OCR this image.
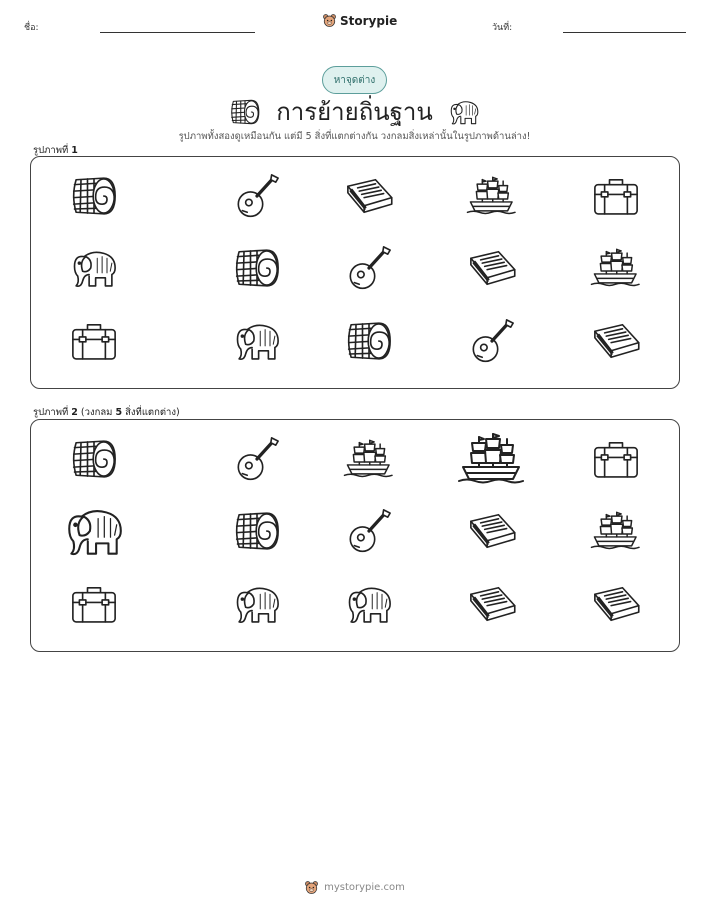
ชื่อ:
Storypie
วันที่:
หาจุดต่าง
การย้ายถิ่นฐาน
รูปภาพทั้งสองดูเหมือนกัน แต่มี 5 สิ่งที่แตกต่างกัน วงกลมสิ่งเหล่านั้นในรูปภาพด้านล่าง!
รูปภาพที่ 1
รูปภาพที่ 2 (วงกลม 5 สิ่งที่แตกต่าง)
mystorypie.com
